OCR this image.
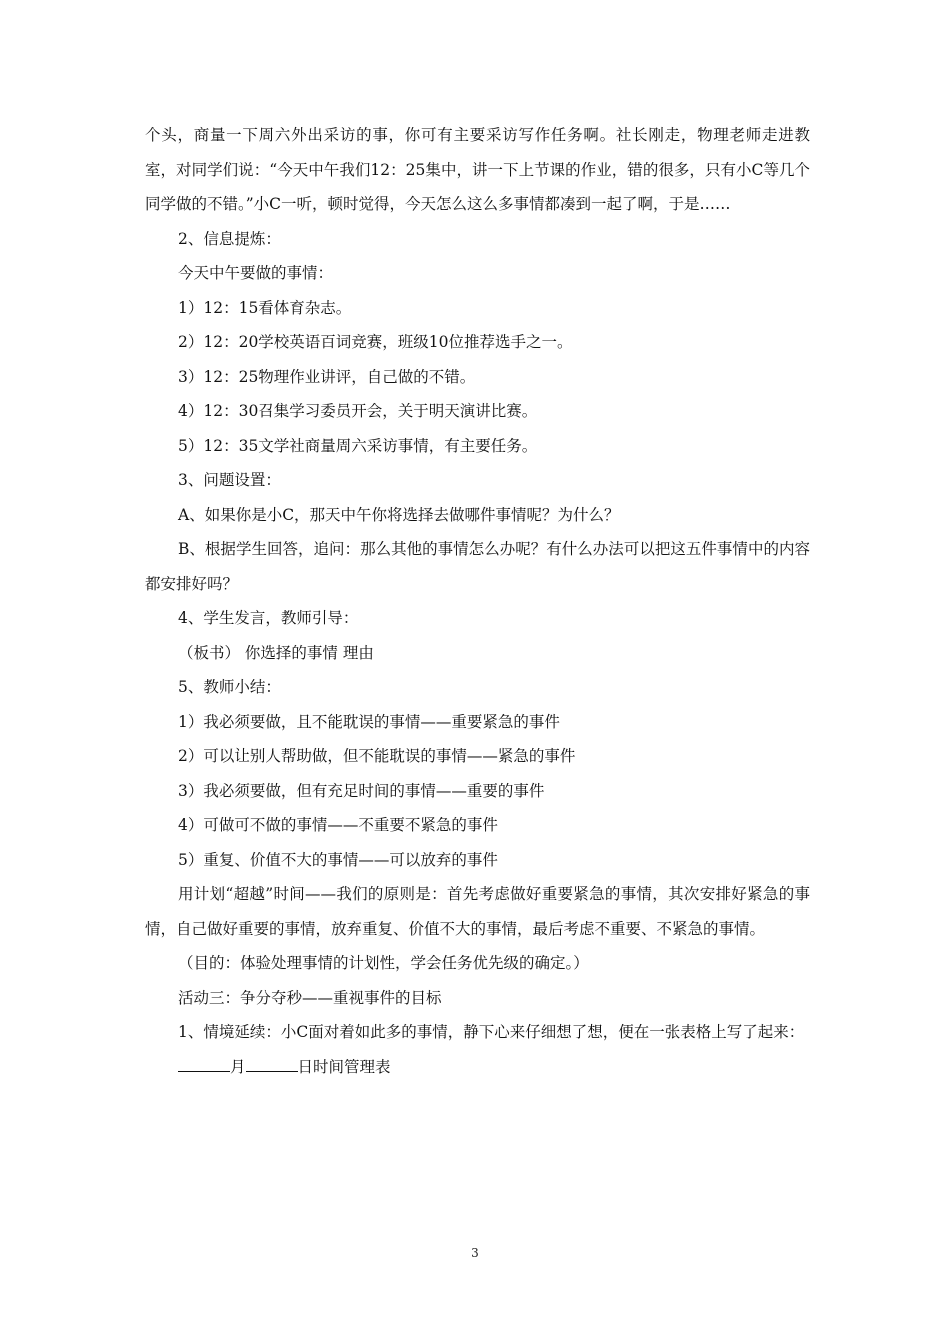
个头，商量一下周六外出采访的事，你可有主要采访写作任务啊。社长刚走，物理老师走进教室，对同学们说：“今天中午我们12：25集中，讲一下上节课的作业，错的很多，只有小C等几个同学做的不错。”小C一听，顿时觉得，今天怎么这么多事情都凑到一起了啊，于是……

2、信息提炼：

今天中午要做的事情：

1）12：15看体育杂志。

2）12：20学校英语百词竞赛，班级10位推荐选手之一。

3）12：25物理作业讲评，自己做的不错。

4）12：30召集学习委员开会，关于明天演讲比赛。

5）12：35文学社商量周六采访事情，有主要任务。

3、问题设置：

A、如果你是小C，那天中午你将选择去做哪件事情呢？为什么？

B、根据学生回答，追问：那么其他的事情怎么办呢？有什么办法可以把这五件事情中的内容都安排好吗？

4、学生发言，教师引导：

（板书） 你选择的事情 理由

5、教师小结：

1）我必须要做，且不能耽误的事情——重要紧急的事件

2）可以让别人帮助做，但不能耽误的事情——紧急的事件

3）我必须要做，但有充足时间的事情——重要的事件

4）可做可不做的事情——不重要不紧急的事件

5）重复、价值不大的事情——可以放弃的事件

用计划“超越”时间——我们的原则是：首先考虑做好重要紧急的事情，其次安排好紧急的事情，自己做好重要的事情，放弃重复、价值不大的事情，最后考虑不重要、不紧急的事情。

（目的：体验处理事情的计划性，学会任务优先级的确定。）

活动三：争分夺秒——重视事件的目标

1、情境延续：小C面对着如此多的事情，静下心来仔细想了想，便在一张表格上写了起来：

月	日时间管理表

3
